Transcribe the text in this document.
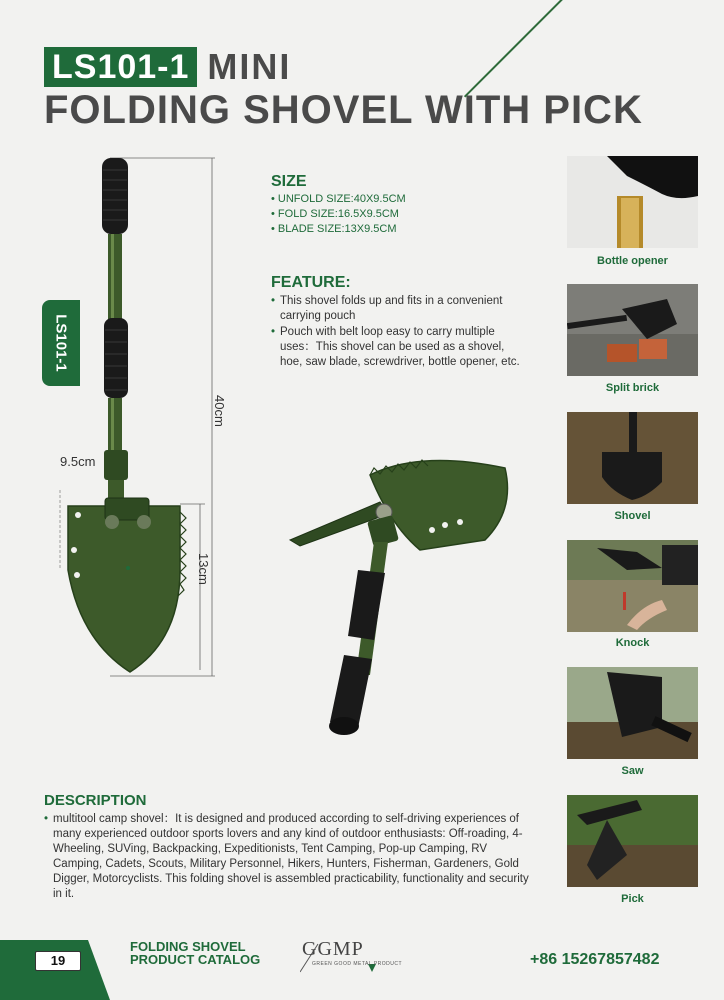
LS101-1 MINI
FOLDING SHOVEL WITH PICK
LS101-1
9.5cm
40cm
13cm
SIZE
• UNFOLD SIZE:40X9.5CM
• FOLD SIZE:16.5X9.5CM
• BLADE SIZE:13X9.5CM
FEATURE:
• This shovel folds up and fits in a convenient carrying pouch
• Pouch with belt loop easy to carry multiple uses：This shovel can be used as a shovel, hoe, saw blade, screwdriver, bottle opener, etc.
Bottle opener
Split brick
Shovel
Knock
Saw
Pick
DESCRIPTION
• multitool camp shovel：It is designed and produced according to self-driving experiences of many experienced outdoor sports lovers and any kind of outdoor enthusiasts: Off-roading, 4-Wheeling, SUVing, Backpacking, Expeditionists, Tent Camping, Pop-up Camping, RV Camping, Cadets, Scouts, Military Personnel, Hikers, Hunters, Fisherman, Gardeners, Gold Digger, Motorcyclists. This folding shovel is assembled practicability, functionality and security in it.
19
FOLDING SHOVEL
PRODUCT CATALOG GGMP
GREEN GOOD METAL PRODUCT	+86 15267857482
